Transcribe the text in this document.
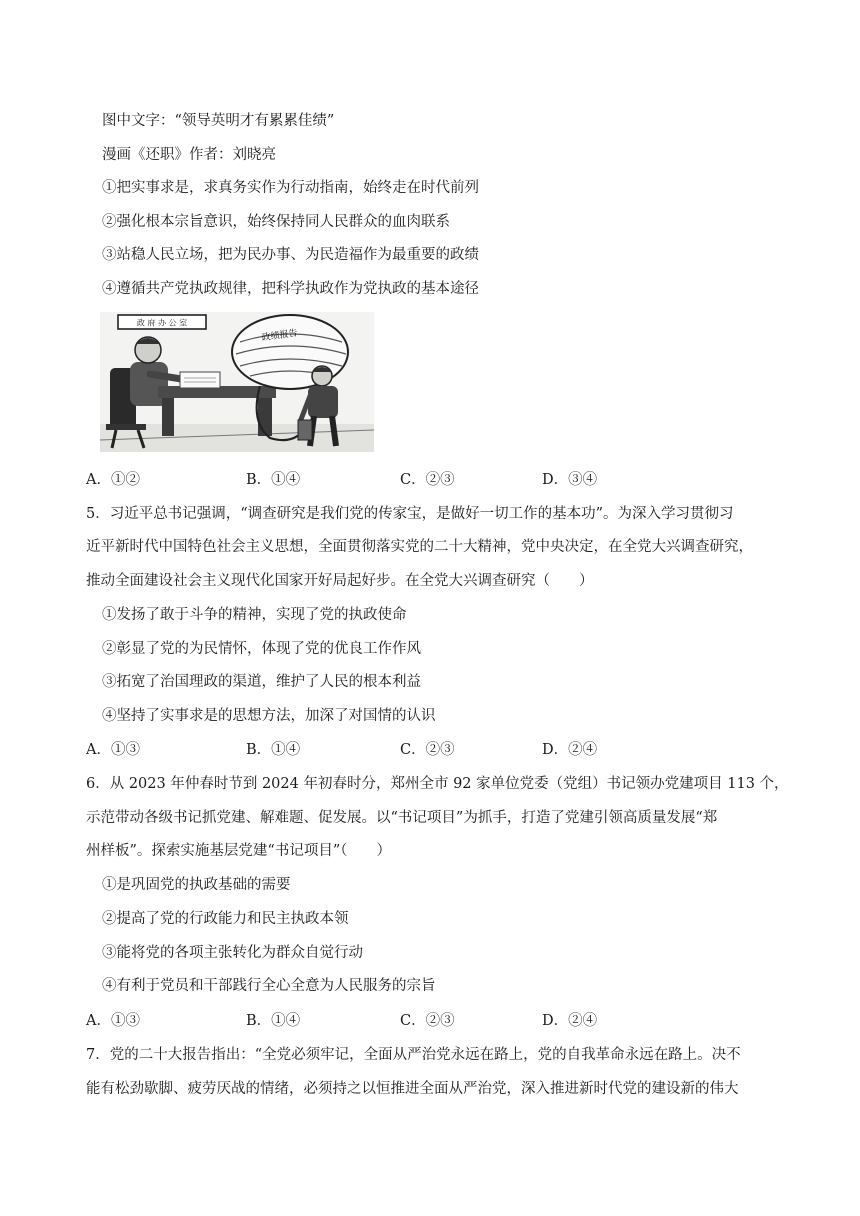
图中文字：“领导英明才有累累佳绩”
漫画《还职》作者：刘晓亮
①把实事求是，求真务实作为行动指南，始终走在时代前列
②强化根本宗旨意识，始终保持同人民群众的血肉联系
③站稳人民立场，把为民办事、为民造福作为最重要的政绩
④遵循共产党执政规律，把科学执政作为党执政的基本途径
政 府 办 公 室
政绩报告
A．①②	B．①④	C．②③	D．③④
5．习近平总书记强调，“调查研究是我们党的传家宝，是做好一切工作的基本功”。为深入学习贯彻习
近平新时代中国特色社会主义思想，全面贯彻落实党的二十大精神，党中央决定，在全党大兴调查研究，
推动全面建设社会主义现代化国家开好局起好步。在全党大兴调查研究（　　）
①发扬了敢于斗争的精神，实现了党的执政使命
②彰显了党的为民情怀，体现了党的优良工作作风
③拓宽了治国理政的渠道，维护了人民的根本利益
④坚持了实事求是的思想方法，加深了对国情的认识
A．①③	B．①④	C．②③	D．②④
6．从 2023 年仲春时节到 2024 年初春时分，郑州全市 92 家单位党委（党组）书记领办党建项目 113 个，
示范带动各级书记抓党建、解难题、促发展。以“书记项目”为抓手，打造了党建引领高质量发展“郑
州样板”。探索实施基层党建“书记项目”（　　）
①是巩固党的执政基础的需要
②提高了党的行政能力和民主执政本领
③能将党的各项主张转化为群众自觉行动
④有利于党员和干部践行全心全意为人民服务的宗旨
A．①③	B．①④	C．②③	D．②④
7．党的二十大报告指出：“全党必须牢记，全面从严治党永远在路上，党的自我革命永远在路上。决不
能有松劲歇脚、疲劳厌战的情绪，必须持之以恒推进全面从严治党，深入推进新时代党的建设新的伟大
